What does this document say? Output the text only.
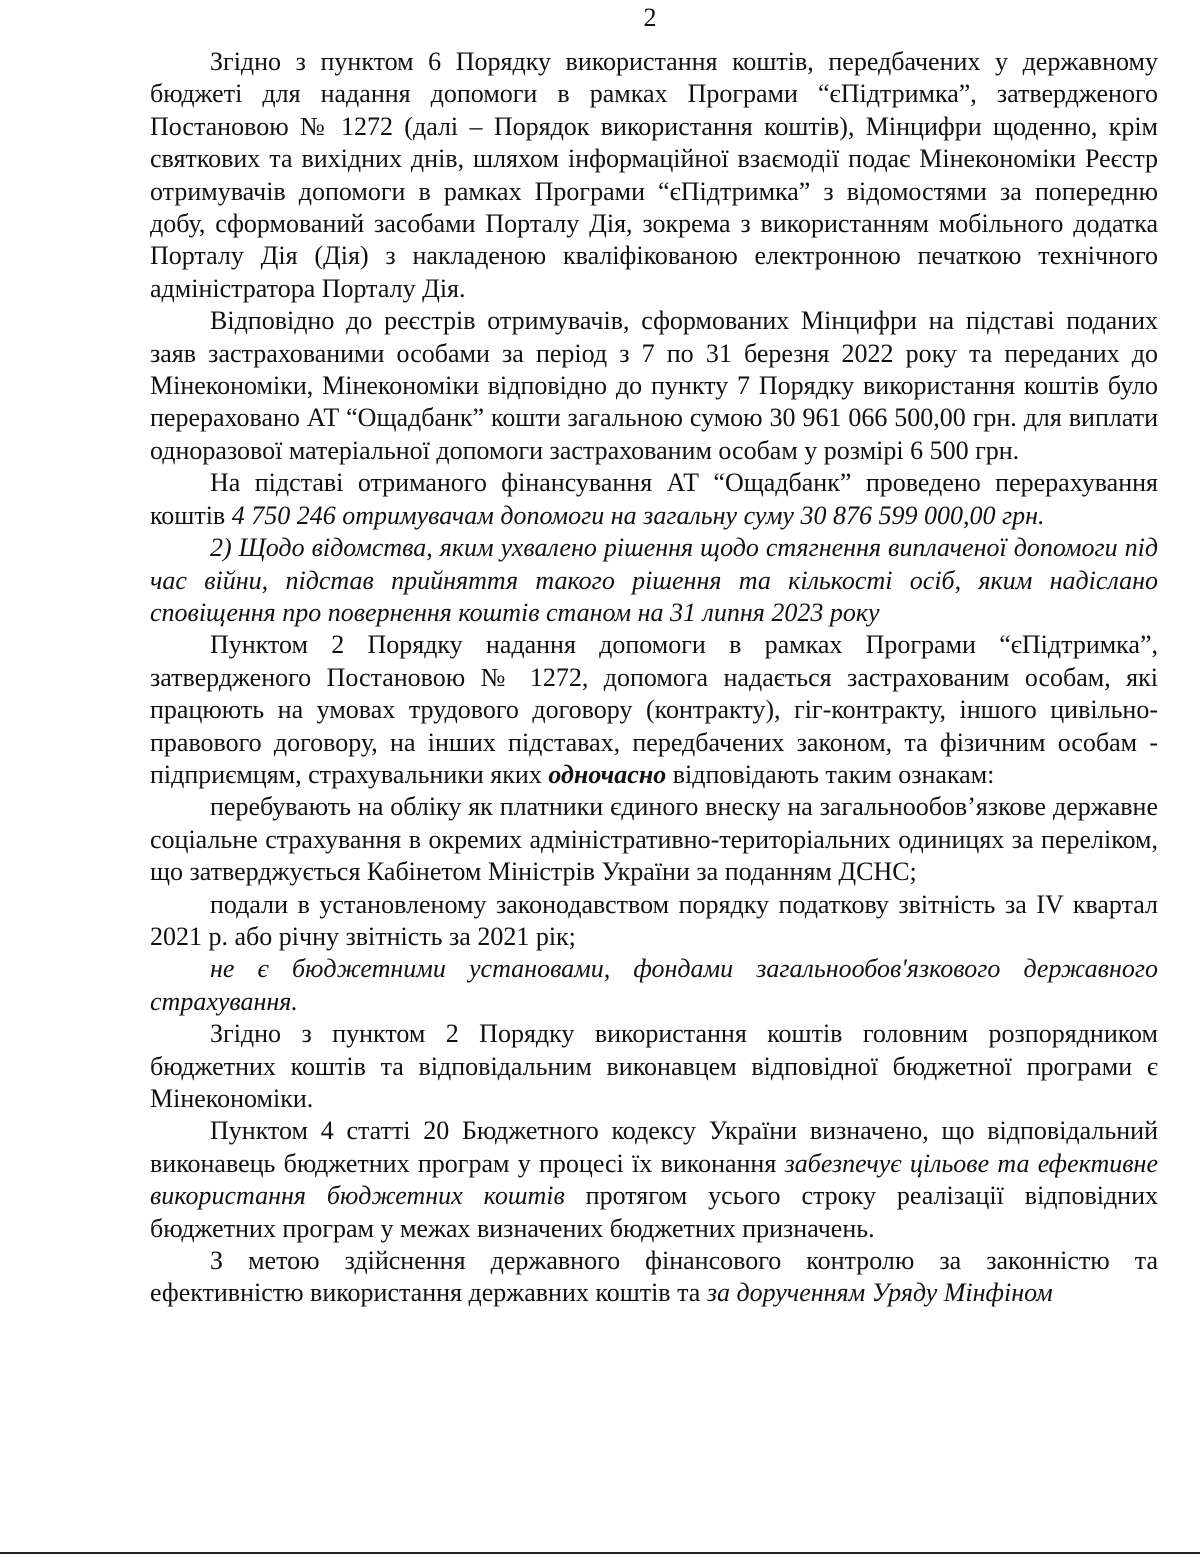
2

Згідно з пунктом 6 Порядку використання коштів, передбачених у державному бюджеті для надання допомоги в рамках Програми “єПідтримка”, затвердженого Постановою № 1272 (далі – Порядок використання коштів), Мінцифри щоденно, крім святкових та вихідних днів, шляхом інформаційної взаємодії подає Мінекономіки Реєстр отримувачів допомоги в рамках Програми “єПідтримка” з відомостями за попередню добу, сформований засобами Порталу Дія, зокрема з використанням мобільного додатка Порталу Дія (Дія) з накладеною кваліфікованою електронною печаткою технічного адміністратора Порталу Дія.

Відповідно до реєстрів отримувачів, сформованих Мінцифри на підставі поданих заяв застрахованими особами за період з 7 по 31 березня 2022 року та переданих до Мінекономіки, Мінекономіки відповідно до пункту 7 Порядку використання коштів було перераховано АТ “Ощадбанк” кошти загальною сумою 30 961 066 500,00 грн. для виплати одноразової матеріальної допомоги застрахованим особам у розмірі 6 500 грн.

На підставі отриманого фінансування АТ “Ощадбанк” проведено перерахування коштів 4 750 246 отримувачам допомоги на загальну суму 30 876 599 000,00 грн.

2) Щодо відомства, яким ухвалено рішення щодо стягнення виплаченої допомоги під час війни, підстав прийняття такого рішення та кількості осіб, яким надіслано сповіщення про повернення коштів станом на 31 липня 2023 року

Пунктом 2 Порядку надання допомоги в рамках Програми “єПідтримка”, затвердженого Постановою № 1272, допомога надається застрахованим особам, які працюють на умовах трудового договору (контракту), гіг-контракту, іншого цивільно-правового договору, на інших підставах, передбачених законом, та фізичним особам - підприємцям, страхувальники яких одночасно відповідають таким ознакам:

перебувають на обліку як платники єдиного внеску на загальнообов’язкове державне соціальне страхування в окремих адміністративно-територіальних одиницях за переліком, що затверджується Кабінетом Міністрів України за поданням ДСНС;

подали в установленому законодавством порядку податкову звітність за IV квартал 2021 р. або річну звітність за 2021 рік;

не є бюджетними установами, фондами загальнообов'язкового державного страхування.

Згідно з пунктом 2 Порядку використання коштів головним розпорядником бюджетних коштів та відповідальним виконавцем відповідної бюджетної програми є Мінекономіки.

Пунктом 4 статті 20 Бюджетного кодексу України визначено, що відповідальний виконавець бюджетних програм у процесі їх виконання забезпечує цільове та ефективне використання бюджетних коштів протягом усього строку реалізації відповідних бюджетних програм у межах визначених бюджетних призначень.

З метою здійснення державного фінансового контролю за законністю та ефективністю використання державних коштів та за дорученням Уряду Мінфіном
